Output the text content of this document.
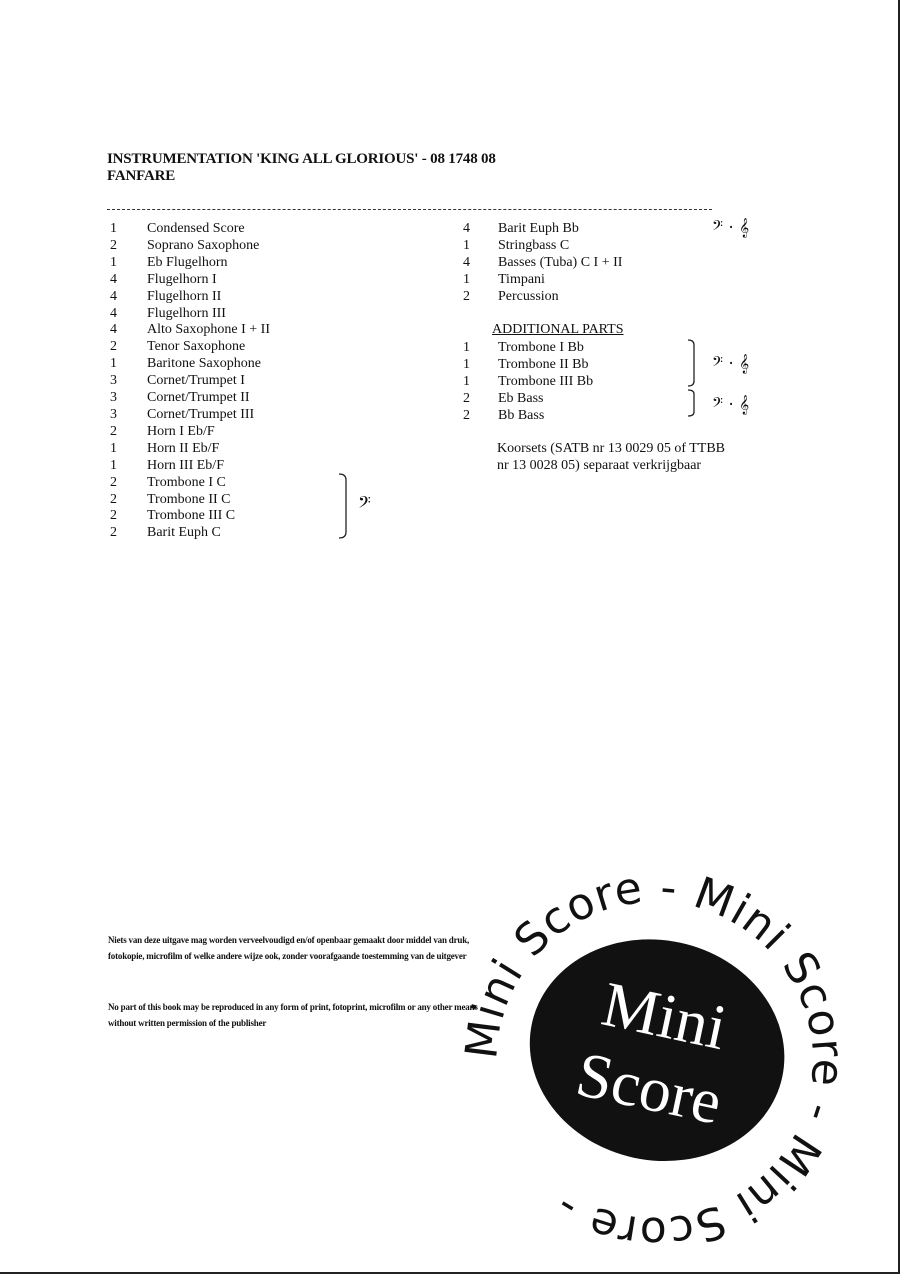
INSTRUMENTATION 'KING ALL GLORIOUS' - 08 1748 08
FANFARE
1	Condensed Score
2	Soprano Saxophone
1	Eb Flugelhorn
4	Flugelhorn I
4	Flugelhorn II
4	Flugelhorn III
4	Alto Saxophone I + II
2	Tenor Saxophone
1	Baritone Saxophone
3	Cornet/Trumpet I
3	Cornet/Trumpet II
3	Cornet/Trumpet III
2	Horn I Eb/F
1	Horn II Eb/F
1	Horn III Eb/F
2	Trombone I C
2	Trombone II C
2	Trombone III C
2	Barit Euph C
𝄢
4	Barit Euph Bb
1	Stringbass C
4	Basses (Tuba) C I + II
1	Timpani
2	Percussion
𝄢 · 𝄞
ADDITIONAL PARTS
1	Trombone I Bb
1	Trombone II Bb
1	Trombone III Bb
2	Eb Bass
2	Bb Bass
𝄢 · 𝄞
𝄢 · 𝄞
Koorsets (SATB nr 13 0029 05 of TTBB nr 13 0028 05) separaat verkrijgbaar
Niets van deze uitgave mag worden verveelvoudigd en/of openbaar gemaakt door middel van druk, fotokopie, microfilm of welke andere wijze ook, zonder voorafgaande toestemming van de uitgever
No part of this book may be reproduced in any form of print, fotoprint, microfilm or any other means without written permission of the publisher	Mini Score - Mini Score - Mini Score -
Mini
Score
